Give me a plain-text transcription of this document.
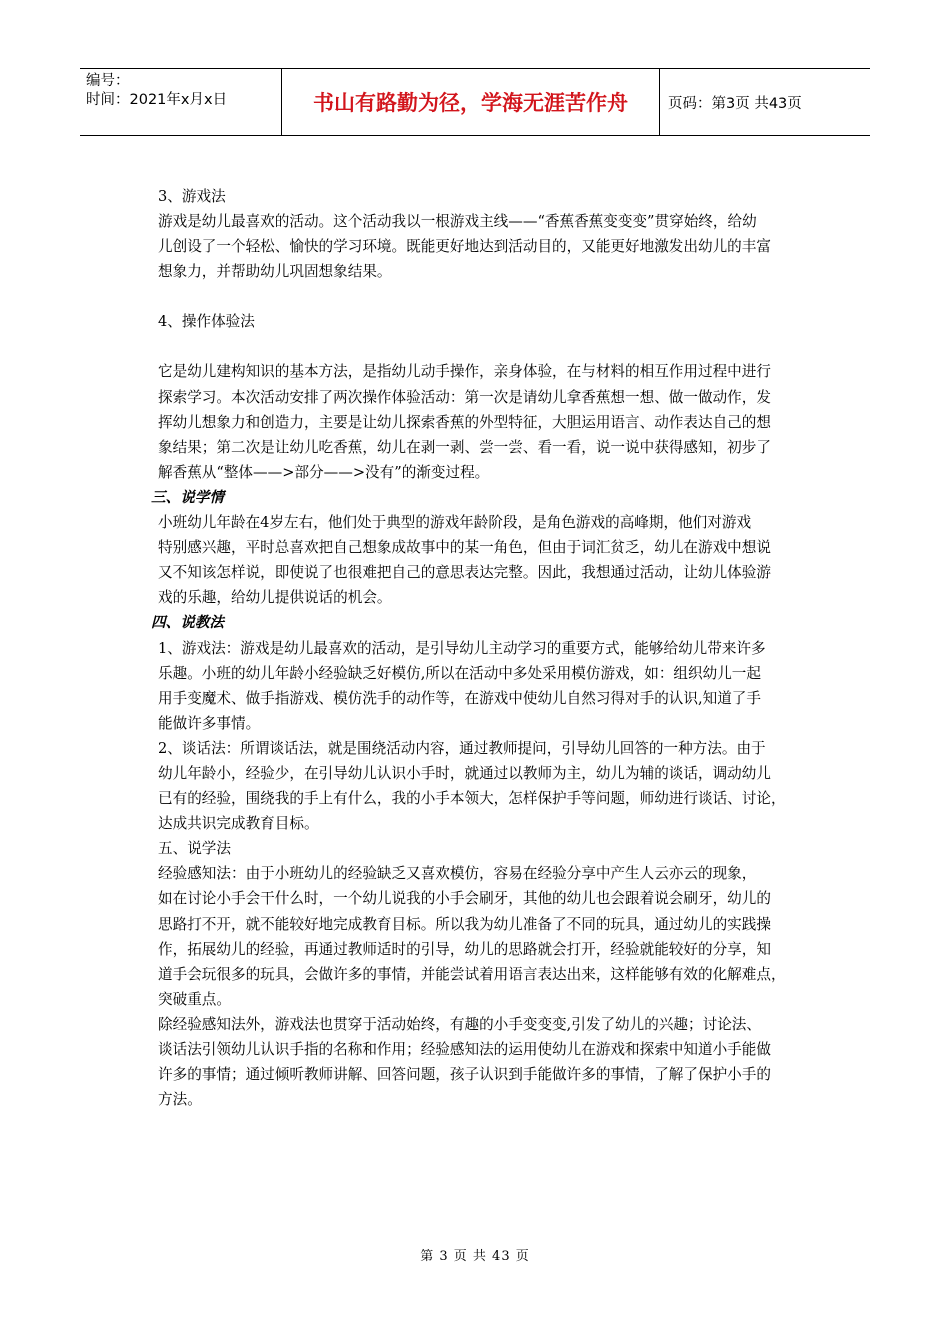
编号：
时间：2021年x月x日	书山有路勤为径，学海无涯苦作舟	页码：第3页 共43页

3、游戏法

游戏是幼儿最喜欢的活动。这个活动我以一根游戏主线——“香蕉香蕉变变变”贯穿始终，给幼

儿创设了一个轻松、愉快的学习环境。既能更好地达到活动目的，又能更好地激发出幼儿的丰富

想象力，并帮助幼儿巩固想象结果。

4、操作体验法

它是幼儿建构知识的基本方法，是指幼儿动手操作，亲身体验，在与材料的相互作用过程中进行

探索学习。本次活动安排了两次操作体验活动：第一次是请幼儿拿香蕉想一想、做一做动作，发

挥幼儿想象力和创造力，主要是让幼儿探索香蕉的外型特征，大胆运用语言、动作表达自己的想

象结果；第二次是让幼儿吃香蕉，幼儿在剥一剥、尝一尝、看一看，说一说中获得感知，初步了

解香蕉从“整体——>部分——>没有”的渐变过程。

三、说学情

小班幼儿年龄在4岁左右，他们处于典型的游戏年龄阶段，是角色游戏的高峰期，他们对游戏

特别感兴趣，平时总喜欢把自己想象成故事中的某一角色，但由于词汇贫乏，幼儿在游戏中想说

又不知该怎样说，即使说了也很难把自己的意思表达完整。因此，我想通过活动，让幼儿体验游

戏的乐趣，给幼儿提供说话的机会。

四、说教法

1、游戏法：游戏是幼儿最喜欢的活动，是引导幼儿主动学习的重要方式，能够给幼儿带来许多

乐趣。小班的幼儿年龄小经验缺乏好模仿,所以在活动中多处采用模仿游戏，如：组织幼儿一起

用手变魔术、做手指游戏、模仿洗手的动作等，在游戏中使幼儿自然习得对手的认识,知道了手

能做许多事情。

2、谈话法：所谓谈话法，就是围绕活动内容，通过教师提问，引导幼儿回答的一种方法。由于

幼儿年龄小，经验少，在引导幼儿认识小手时，就通过以教师为主，幼儿为辅的谈话，调动幼儿

已有的经验，围绕我的手上有什么，我的小手本领大，怎样保护手等问题，师幼进行谈话、讨论，

达成共识完成教育目标。

五、说学法

经验感知法：由于小班幼儿的经验缺乏又喜欢模仿，容易在经验分享中产生人云亦云的现象，

如在讨论小手会干什么时，一个幼儿说我的小手会刷牙，其他的幼儿也会跟着说会刷牙，幼儿的

思路打不开，就不能较好地完成教育目标。所以我为幼儿准备了不同的玩具，通过幼儿的实践操

作，拓展幼儿的经验，再通过教师适时的引导，幼儿的思路就会打开，经验就能较好的分享，知

道手会玩很多的玩具，会做许多的事情，并能尝试着用语言表达出来，这样能够有效的化解难点，

突破重点。

除经验感知法外，游戏法也贯穿于活动始终，有趣的小手变变变,引发了幼儿的兴趣；讨论法、

谈话法引领幼儿认识手指的名称和作用；经验感知法的运用使幼儿在游戏和探索中知道小手能做

许多的事情；通过倾听教师讲解、回答问题，孩子认识到手能做许多的事情，了解了保护小手的

方法。

第 3 页 共 43 页
